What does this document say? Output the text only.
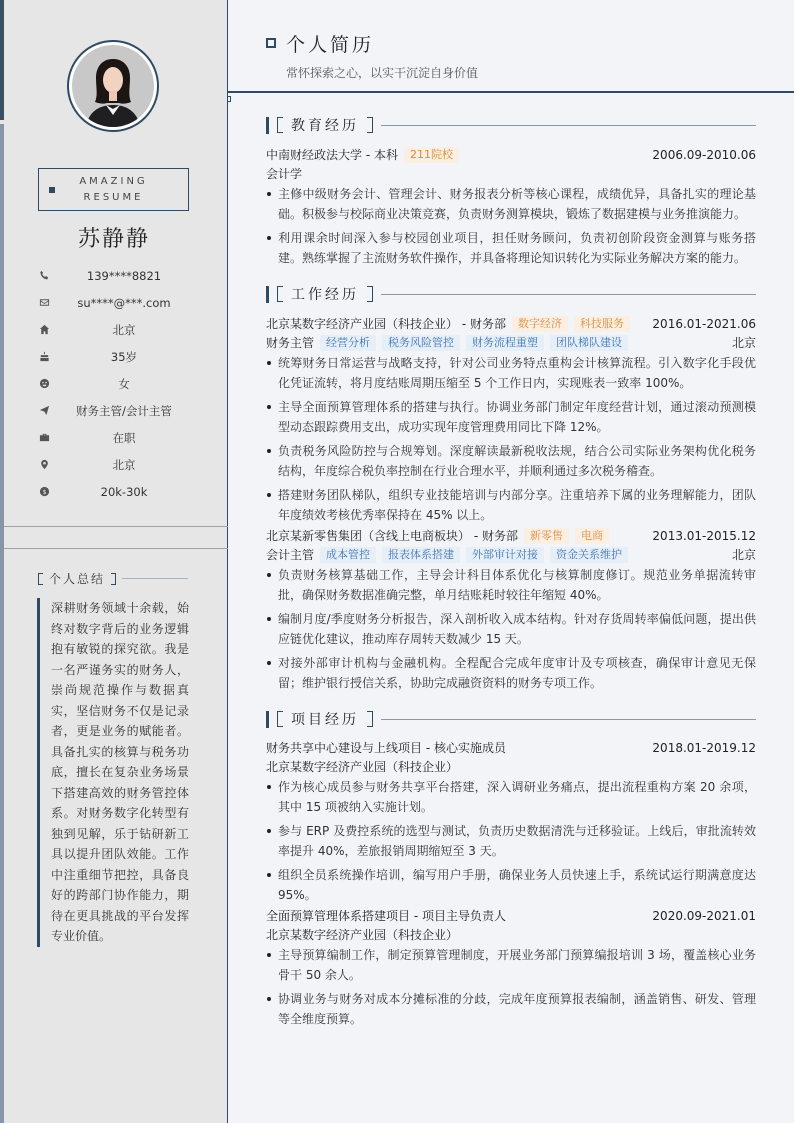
AMAZING
RESUME
苏静静
139****8821
su****@***.com
北京
35岁
女
财务主管/会计主管
在职
北京
$	20k-30k
个人总结
深耕财务领域十余载，始终对数字背后的业务逻辑抱有敏锐的探究欲。我是一名严谨务实的财务人，崇尚规范操作与数据真实，坚信财务不仅是记录者，更是业务的赋能者。具备扎实的核算与税务功底，擅长在复杂业务场景下搭建高效的财务管控体系。对财务数字化转型有独到见解，乐于钻研新工具以提升团队效能。工作中注重细节把控，具备良好的跨部门协作能力，期待在更具挑战的平台发挥专业价值。
个人简历
常怀探索之心，以实干沉淀自身价值
教育经历
中南财经政法大学 - 本科	211院校	2006.09-2010.06
会计学
主修中级财务会计、管理会计、财务报表分析等核心课程，成绩优异，具备扎实的理论基础。积极参与校际商业决策竞赛，负责财务测算模块，锻炼了数据建模与业务推演能力。
利用课余时间深入参与校园创业项目，担任财务顾问，负责初创阶段资金测算与账务搭建。熟练掌握了主流财务软件操作，并具备将理论知识转化为实际业务解决方案的能力。
工作经历
北京某数字经济产业园（科技企业） - 财务部	数字经济	科技服务	2016.01-2021.06
财务主管	经营分析	税务风险管控	财务流程重塑	团队梯队建设	北京
统筹财务日常运营与战略支持，针对公司业务特点重构会计核算流程。引入数字化手段优化凭证流转，将月度结账周期压缩至 5 个工作日内，实现账表一致率 100%。
主导全面预算管理体系的搭建与执行。协调业务部门制定年度经营计划，通过滚动预测模型动态跟踪费用支出，成功实现年度管理费用同比下降 12%。
负责税务风险防控与合规筹划。深度解读最新税收法规，结合公司实际业务架构优化税务结构，年度综合税负率控制在行业合理水平，并顺利通过多次税务稽查。
搭建财务团队梯队，组织专业技能培训与内部分享。注重培养下属的业务理解能力，团队年度绩效考核优秀率保持在 45% 以上。
北京某新零售集团（含线上电商板块） - 财务部	新零售	电商	2013.01-2015.12
会计主管	成本管控	报表体系搭建	外部审计对接	资金关系维护	北京
负责财务核算基础工作，主导会计科目体系优化与核算制度修订。规范业务单据流转审批，确保财务数据准确完整，单月结账耗时较往年缩短 40%。
编制月度/季度财务分析报告，深入剖析收入成本结构。针对存货周转率偏低问题，提出供应链优化建议，推动库存周转天数减少 15 天。
对接外部审计机构与金融机构。全程配合完成年度审计及专项核查，确保审计意见无保留；维护银行授信关系，协助完成融资资料的财务专项工作。
项目经历
财务共享中心建设与上线项目 - 核心实施成员	2018.01-2019.12
北京某数字经济产业园（科技企业）
作为核心成员参与财务共享平台搭建，深入调研业务痛点，提出流程重构方案 20 余项，其中 15 项被纳入实施计划。
参与 ERP 及费控系统的选型与测试，负责历史数据清洗与迁移验证。上线后，审批流转效率提升 40%，差旅报销周期缩短至 3 天。
组织全员系统操作培训，编写用户手册，确保业务人员快速上手，系统试运行期满意度达 95%。
全面预算管理体系搭建项目 - 项目主导负责人	2020.09-2021.01
北京某数字经济产业园（科技企业）
主导预算编制工作，制定预算管理制度，开展业务部门预算编报培训 3 场，覆盖核心业务骨干 50 余人。
协调业务与财务对成本分摊标准的分歧，完成年度预算报表编制，涵盖销售、研发、管理等全维度预算。
